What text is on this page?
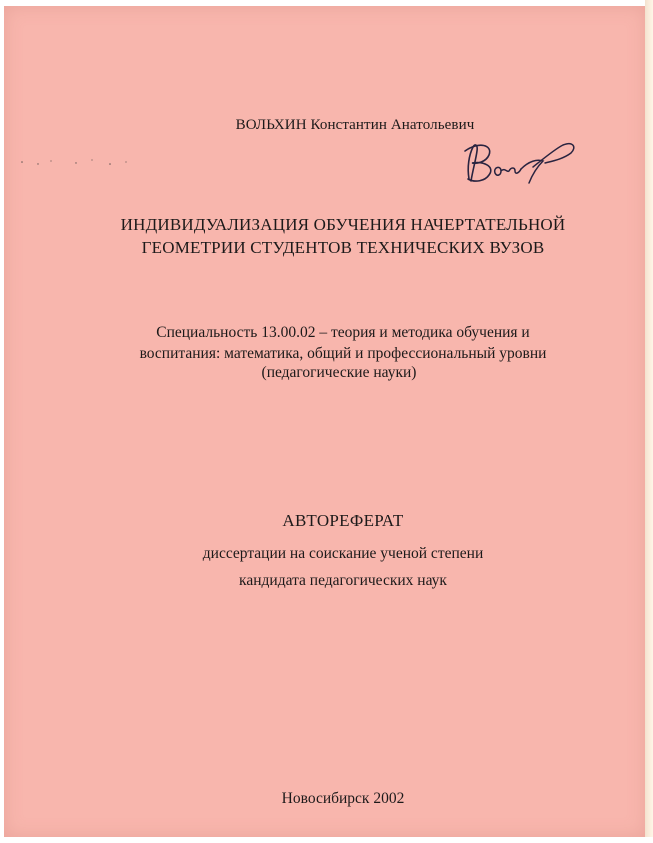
ВОЛЬХИН Константин Анатольевич
ИНДИВИДУАЛИЗАЦИЯ ОБУЧЕНИЯ НАЧЕРТАТЕЛЬНОЙ
ГЕОМЕТРИИ СТУДЕНТОВ ТЕХНИЧЕСКИХ ВУЗОВ
Специальность 13.00.02 – теория и методика обучения и
воспитания: математика, общий и профессиональный уровни
(педагогические науки)
АВТОРЕФЕРАТ
диссертации на соискание ученой степени
кандидата педагогических наук
Новосибирск 2002
